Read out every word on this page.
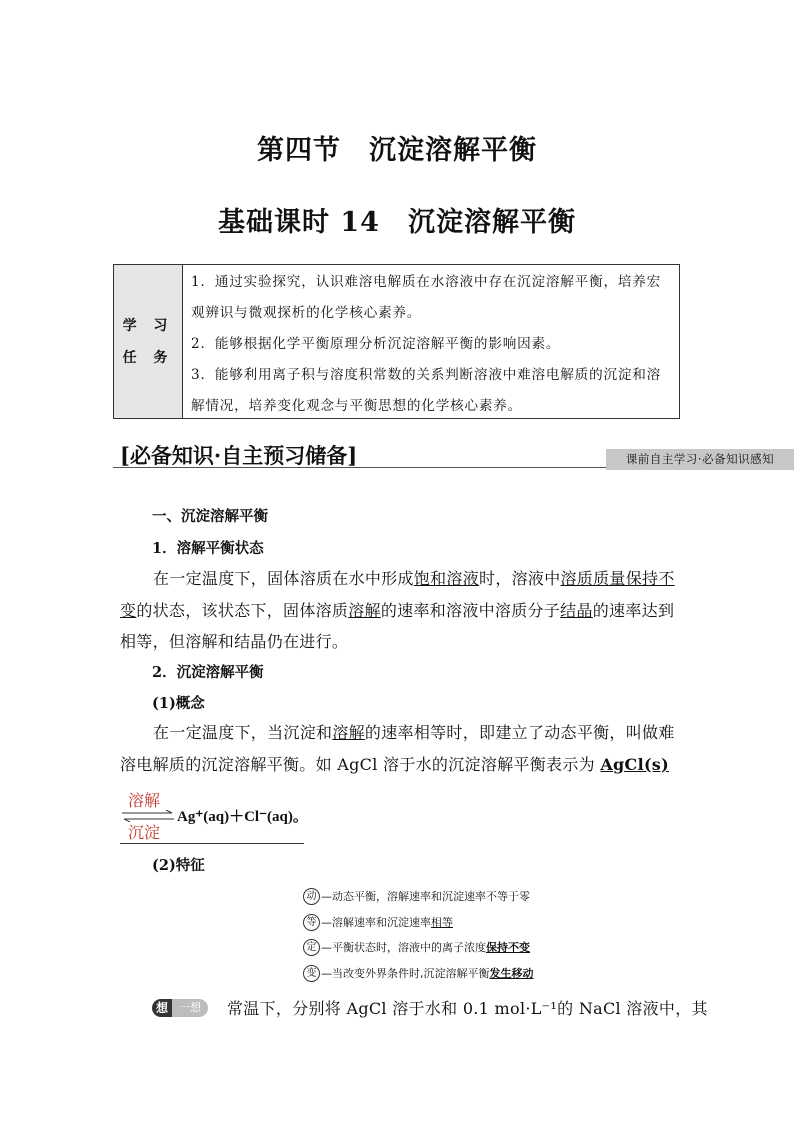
第四节　沉淀溶解平衡
基础课时 14　沉淀溶解平衡
学 习
任 务

1．通过实验探究，认识难溶电解质在水溶液中存在沉淀溶解平衡，培养宏观辨识与微观探析的化学核心素养。

2．能够根据化学平衡原理分析沉淀溶解平衡的影响因素。

3．能够利用离子积与溶度积常数的关系判断溶液中难溶电解质的沉淀和溶解情况，培养变化观念与平衡思想的化学核心素养。

[必备知识·自主预习储备]	课前自主学习·必备知识感知
一、沉淀溶解平衡
1．溶解平衡状态

在一定温度下，固体溶质在水中形成饱和溶液时，溶液中溶质质量保持不变的状态，该状态下，固体溶质溶解的速率和溶液中溶质分子结晶的速率达到相等，但溶解和结晶仍在进行。

2．沉淀溶解平衡
(1)概念

在一定温度下，当沉淀和溶解的速率相等时，即建立了动态平衡，叫做难溶电解质的沉淀溶解平衡。如 AgCl 溶于水的沉淀溶解平衡表示为 AgCl(s)

溶解
沉淀
Ag⁺(aq)＋Cl⁻(aq)。
(2)特征
动 —动态平衡，溶解速率和沉淀速率不等于零
等 —溶解速率和沉淀速率 相等
定 —平衡状态时，溶液中的离子浓度 保持不变
变 —当改变外界条件时,沉淀溶解平衡 发生移动
想	一想	常温下，分别将 AgCl 溶于水和 0.1 mol·L⁻¹的 NaCl 溶液中，其
